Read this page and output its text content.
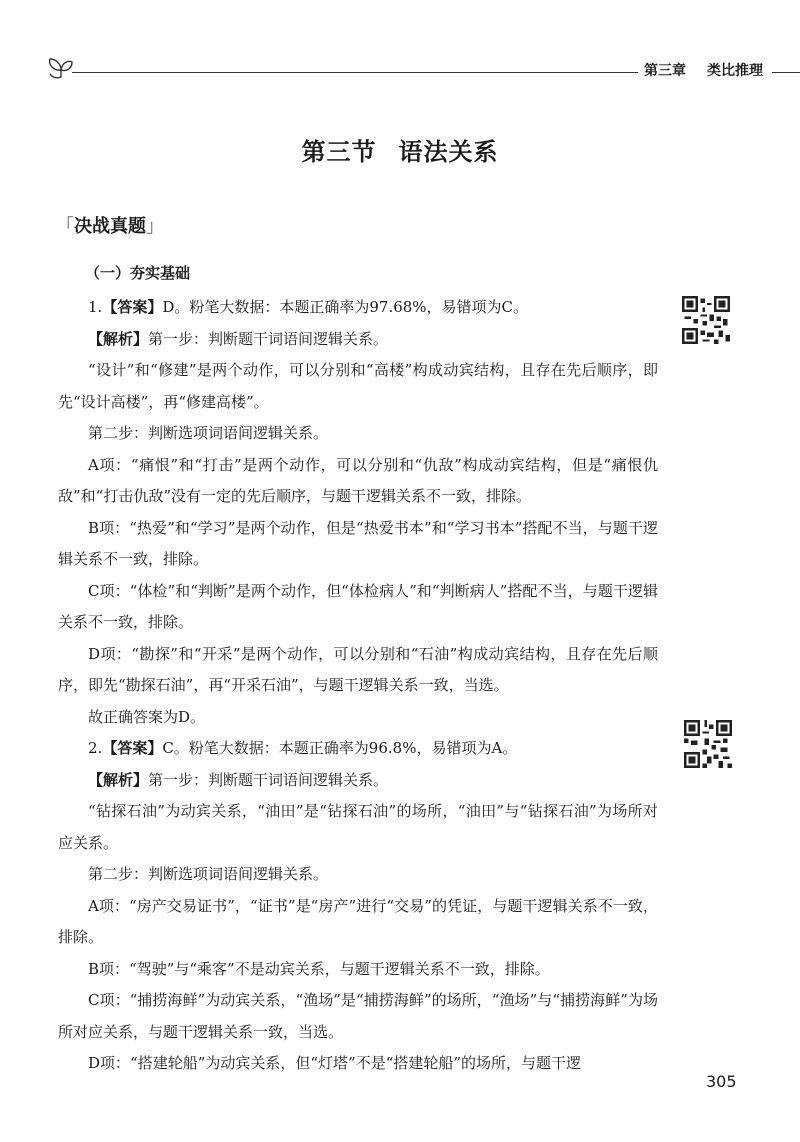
第三章 类比推理
第三节 语法关系
「决战真题」
（一）夯实基础

1.【答案】D。粉笔大数据：本题正确率为97.68%，易错项为C。

【解析】第一步：判断题干词语间逻辑关系。

“设计”和“修建”是两个动作，可以分别和“高楼”构成动宾结构，且存在先后顺序，即先“设计高楼”，再“修建高楼”。

第二步：判断选项词语间逻辑关系。

A项：“痛恨”和“打击”是两个动作，可以分别和“仇敌”构成动宾结构，但是“痛恨仇敌”和“打击仇敌”没有一定的先后顺序，与题干逻辑关系不一致，排除。

B项：“热爱”和“学习”是两个动作，但是“热爱书本”和“学习书本”搭配不当，与题干逻辑关系不一致，排除。

C项：“体检”和“判断”是两个动作，但“体检病人”和“判断病人”搭配不当，与题干逻辑关系不一致，排除。

D项：“勘探”和“开采”是两个动作，可以分别和“石油”构成动宾结构，且存在先后顺序，即先“勘探石油”，再“开采石油”，与题干逻辑关系一致，当选。

故正确答案为D。

2.【答案】C。粉笔大数据：本题正确率为96.8%，易错项为A。

【解析】第一步：判断题干词语间逻辑关系。

“钻探石油”为动宾关系，“油田”是“钻探石油”的场所，“油田”与“钻探石油”为场所对应关系。

第二步：判断选项词语间逻辑关系。

A项：“房产交易证书”，“证书”是“房产”进行“交易”的凭证，与题干逻辑关系不一致，排除。

B项：“驾驶”与“乘客”不是动宾关系，与题干逻辑关系不一致，排除。

C项：“捕捞海鲜”为动宾关系，“渔场”是“捕捞海鲜”的场所，“渔场”与“捕捞海鲜”为场所对应关系，与题干逻辑关系一致，当选。

D项：“搭建轮船”为动宾关系，但“灯塔”不是“搭建轮船”的场所，与题干逻

305
